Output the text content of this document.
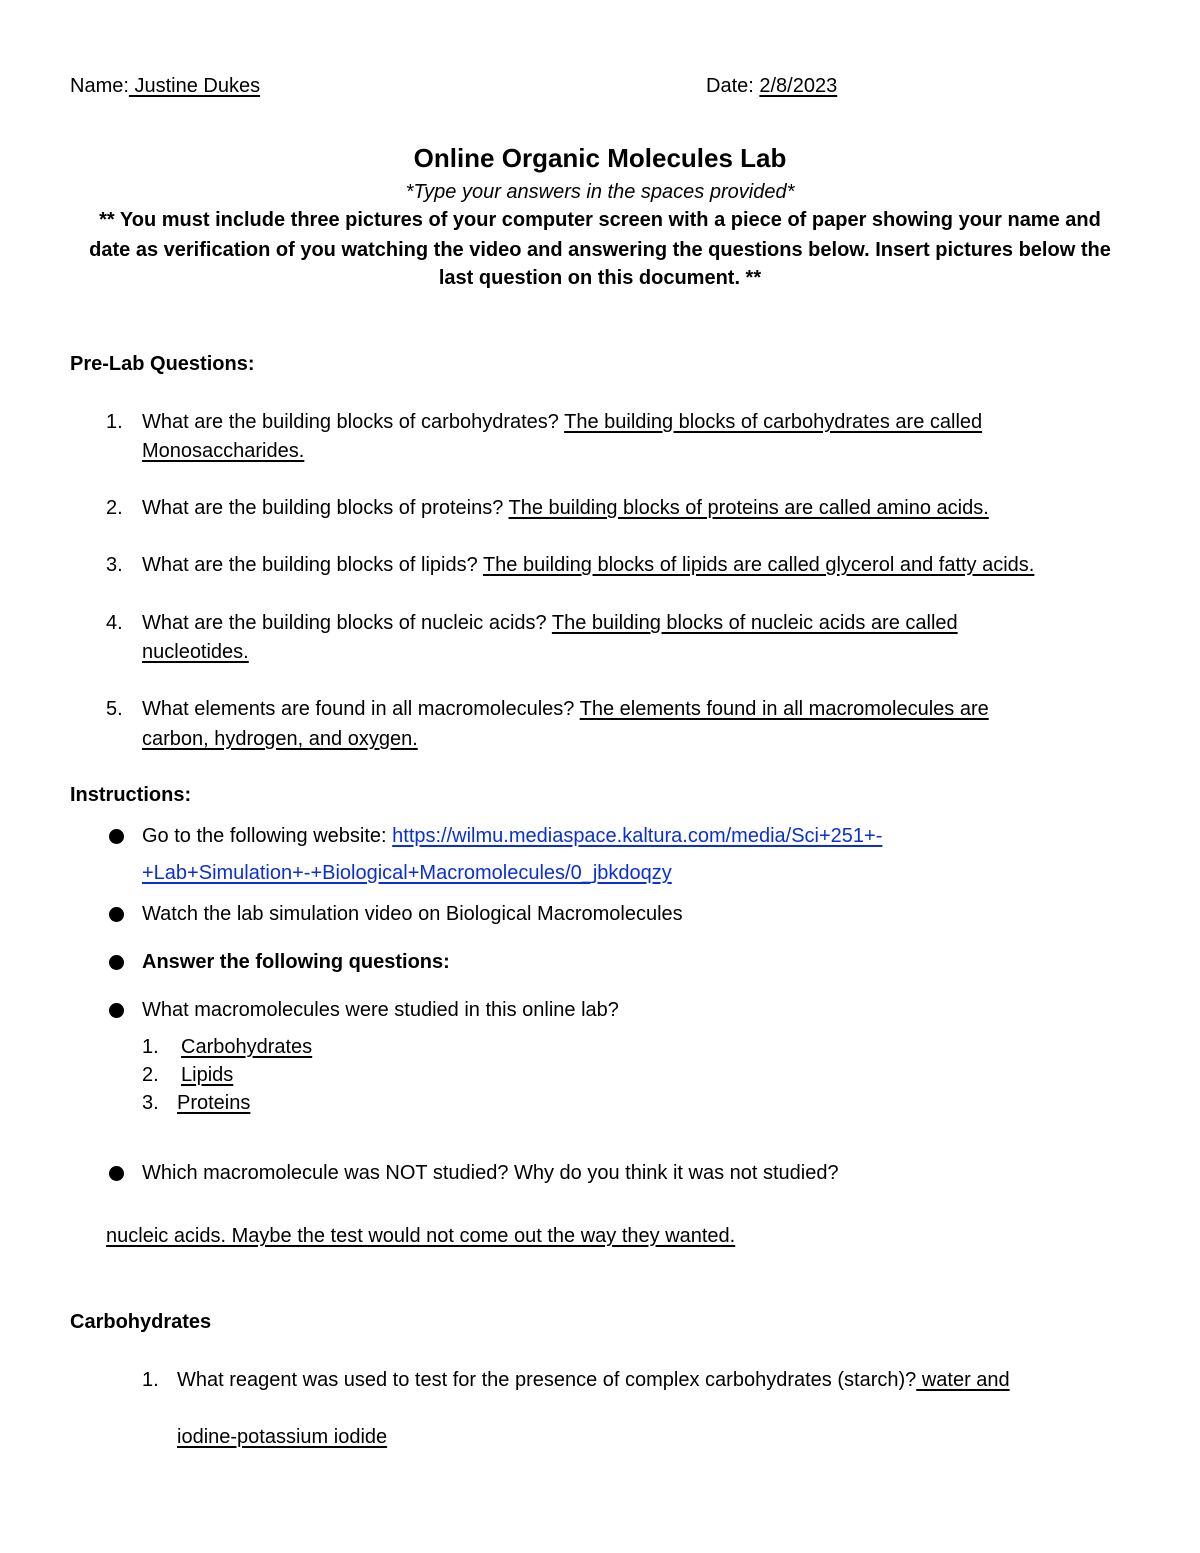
Name: Justine Dukes	Date: 2/8/2023
Online Organic Molecules Lab
*Type your answers in the spaces provided*
** You must include three pictures of your computer screen with a piece of paper showing your name and
date as verification of you watching the video and answering the questions below. Insert pictures below the
last question on this document. **
Pre-Lab Questions:
1. What are the building blocks of carbohydrates? The building blocks of carbohydrates are called
Monosaccharides.
2. What are the building blocks of proteins? The building blocks of proteins are called amino acids.
3. What are the building blocks of lipids? The building blocks of lipids are called glycerol and fatty acids.
4. What are the building blocks of nucleic acids? The building blocks of nucleic acids are called
nucleotides.
5. What elements are found in all macromolecules? The elements found in all macromolecules are
carbon, hydrogen, and oxygen.
Instructions:
Go to the following website: https://wilmu.mediaspace.kaltura.com/media/Sci+251+-
+Lab+Simulation+-+Biological+Macromolecules/0_jbkdoqzy
Watch the lab simulation video on Biological Macromolecules
Answer the following questions:
What macromolecules were studied in this online lab?
1. Carbohydrates
2. Lipids
3. Proteins
Which macromolecule was NOT studied? Why do you think it was not studied?
nucleic acids. Maybe the test would not come out the way they wanted.
Carbohydrates
1. What reagent was used to test for the presence of complex carbohydrates (starch)? water and
iodine-potassium iodide
